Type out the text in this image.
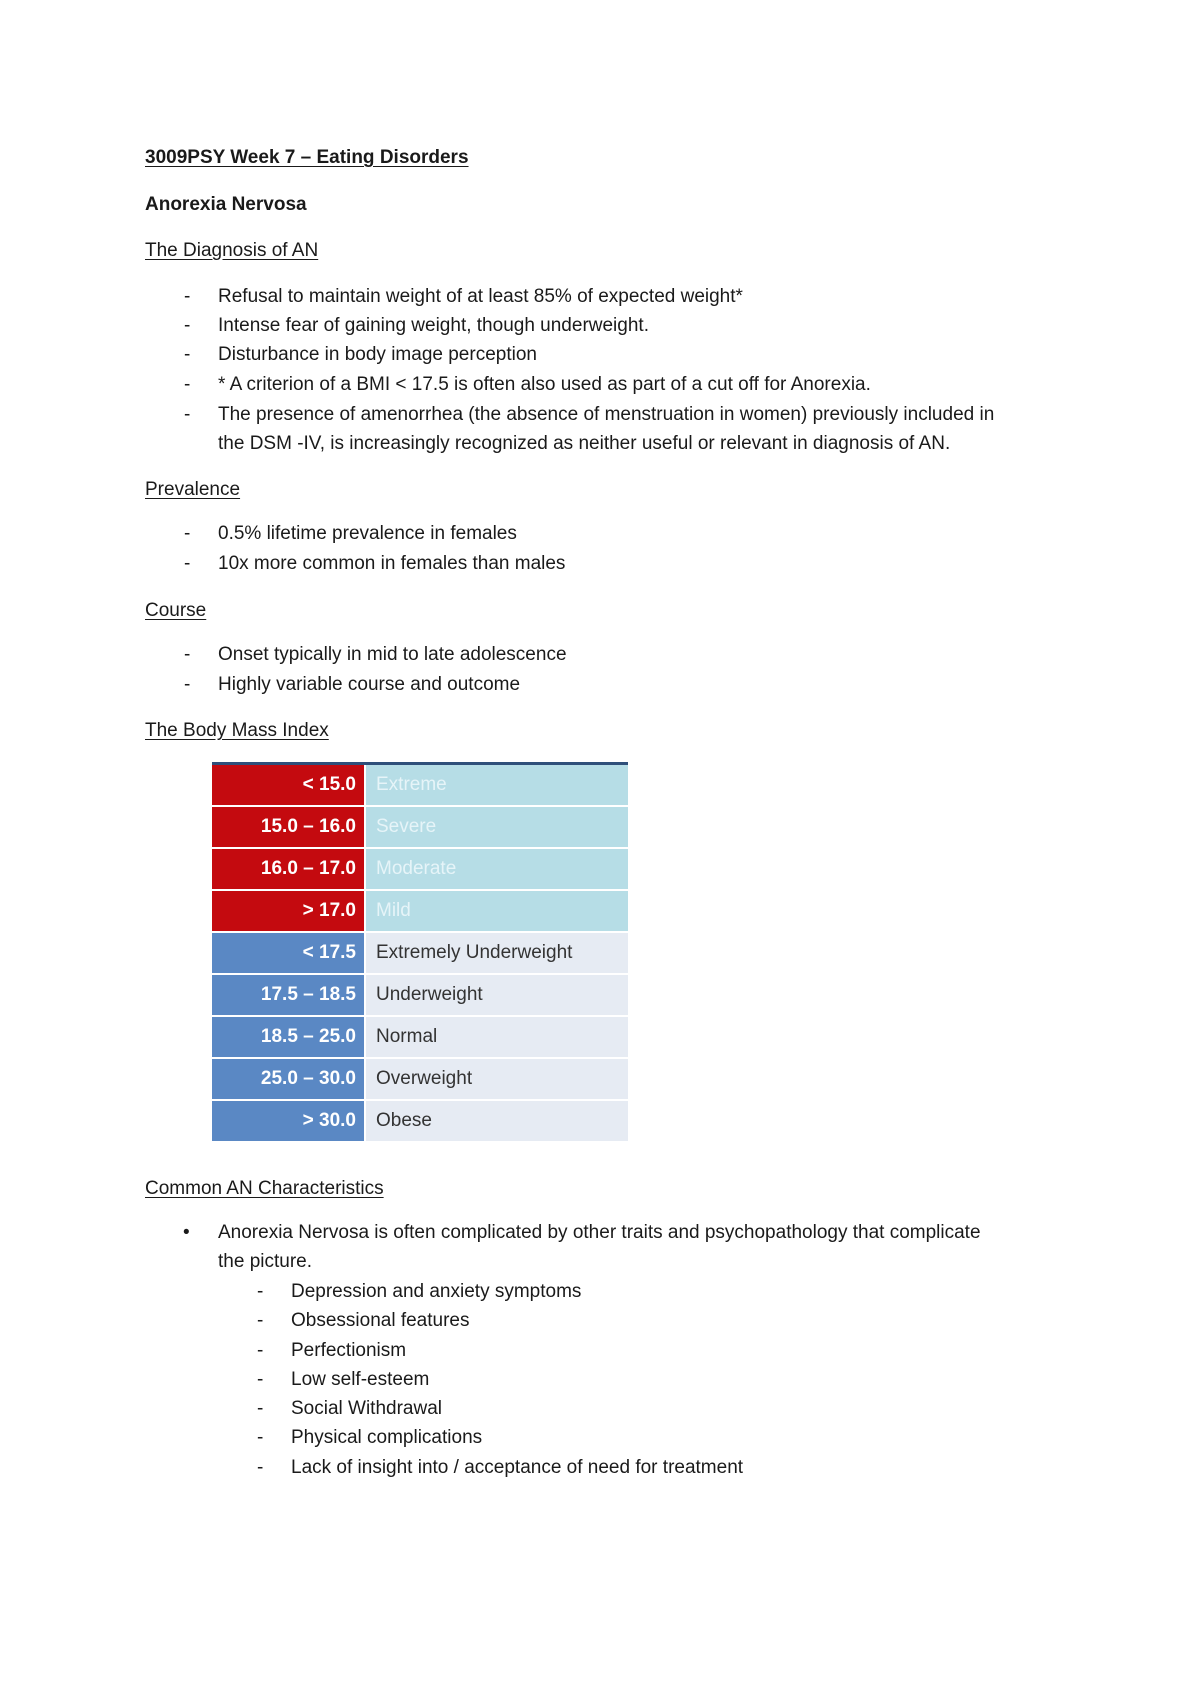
3009PSY Week 7 – Eating Disorders
Anorexia Nervosa
The Diagnosis of AN
- Refusal to maintain weight of at least 85% of expected weight*
- Intense fear of gaining weight, though underweight.
- Disturbance in body image perception
- * A criterion of a BMI < 17.5 is often also used as part of a cut off for Anorexia.
- The presence of amenorrhea (the absence of menstruation in women) previously included in
the DSM -IV, is increasingly recognized as neither useful or relevant in diagnosis of AN.
Prevalence
- 0.5% lifetime prevalence in females
- 10x more common in females than males
Course
- Onset typically in mid to late adolescence
- Highly variable course and outcome
The Body Mass Index
< 15.0	Extreme
15.0 – 16.0	Severe
16.0 – 17.0	Moderate
> 17.0	Mild
< 17.5	Extremely Underweight
17.5 – 18.5	Underweight
18.5 – 25.0	Normal
25.0 – 30.0	Overweight
> 30.0	Obese
Common AN Characteristics
• Anorexia Nervosa is often complicated by other traits and psychopathology that complicate
the picture.
- Depression and anxiety symptoms
- Obsessional features
- Perfectionism
- Low self-esteem
- Social Withdrawal
- Physical complications
- Lack of insight into / acceptance of need for treatment
